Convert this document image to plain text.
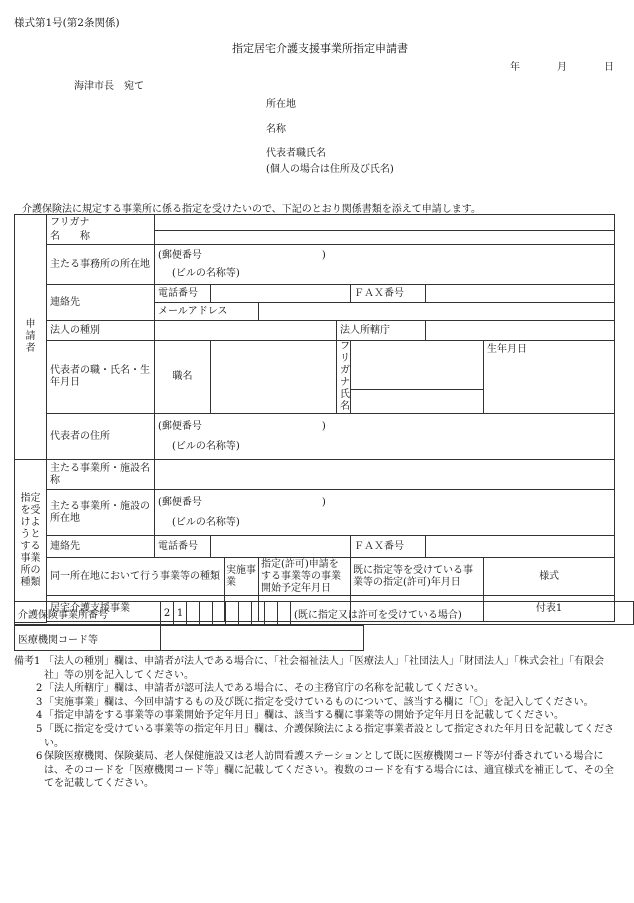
様式第1号(第2条関係)
指定居宅介護支援事業所指定申請書
年	月	日
海津市長　宛て
所在地
名称
代表者職氏名
(個人の場合は住所及び氏名)
介護保険法に規定する事業所に係る指定を受けたいので、下記のとおり関係書類を添えて申請します。
申請者	フリガナ								
	名　　称								
	主たる事務所の所在地	(郵便番号　　　　　　　　　　　　)
(ビルの名称等)							

	連絡先	電話番号					ＦＡＸ番号		
		メールアドレス							
	法人の種別					法人所轄庁			
	代表者の職・氏名・生年月日	職名				フリガナ			生年月日
						氏名			
	代表者の住所	(郵便番号　　　　　　　　　　　　)
(ビルの名称等)							

指定を受けようとする事業所の種類	主たる事業所・施設名称								
	主たる事業所・施設の所在地	(郵便番号　　　　　　　　　　　　)
(ビルの名称等)							

	連絡先	電話番号					ＦＡＸ番号		
	同一所在地において行う事業等の種類			実施事業	指定(許可)申請をする事業等の事業開始予定年月日		既に指定等を受けている事業等の指定(許可)年月日		様式
	居宅介護支援事業								付表1

介護保険事業所番号	2	1									(既に指定又は許可を受けている場合)
医療機関コード等	
備考1 「法人の種別」欄は、申請者が法人である場合に、「社会福祉法人」「医療法人」「社団法人」「財団法人」「株式会社」「有限会社」等の別を記入してください。
2 「法人所轄庁」欄は、申請者が認可法人である場合に、その主務官庁の名称を記載してください。
3 「実施事業」欄は、今回申請するもの及び既に指定を受けているものについて、該当する欄に「〇」を記入してください。
4 「指定申請をする事業等の事業開始予定年月日」欄は、該当する欄に事業等の開始予定年月日を記載してください。
5 「既に指定を受けている事業等の指定年月日」欄は、介護保険法による指定事業者設として指定された年月日を記載してください。
6 保険医療機関、保険薬局、老人保健施設又は老人訪問看護ステーションとして既に医療機関コード等が付番されている場合には、そのコードを「医療機関コード等」欄に記載してください。複数のコードを有する場合には、適宜様式を補正して、その全てを記載してください。
